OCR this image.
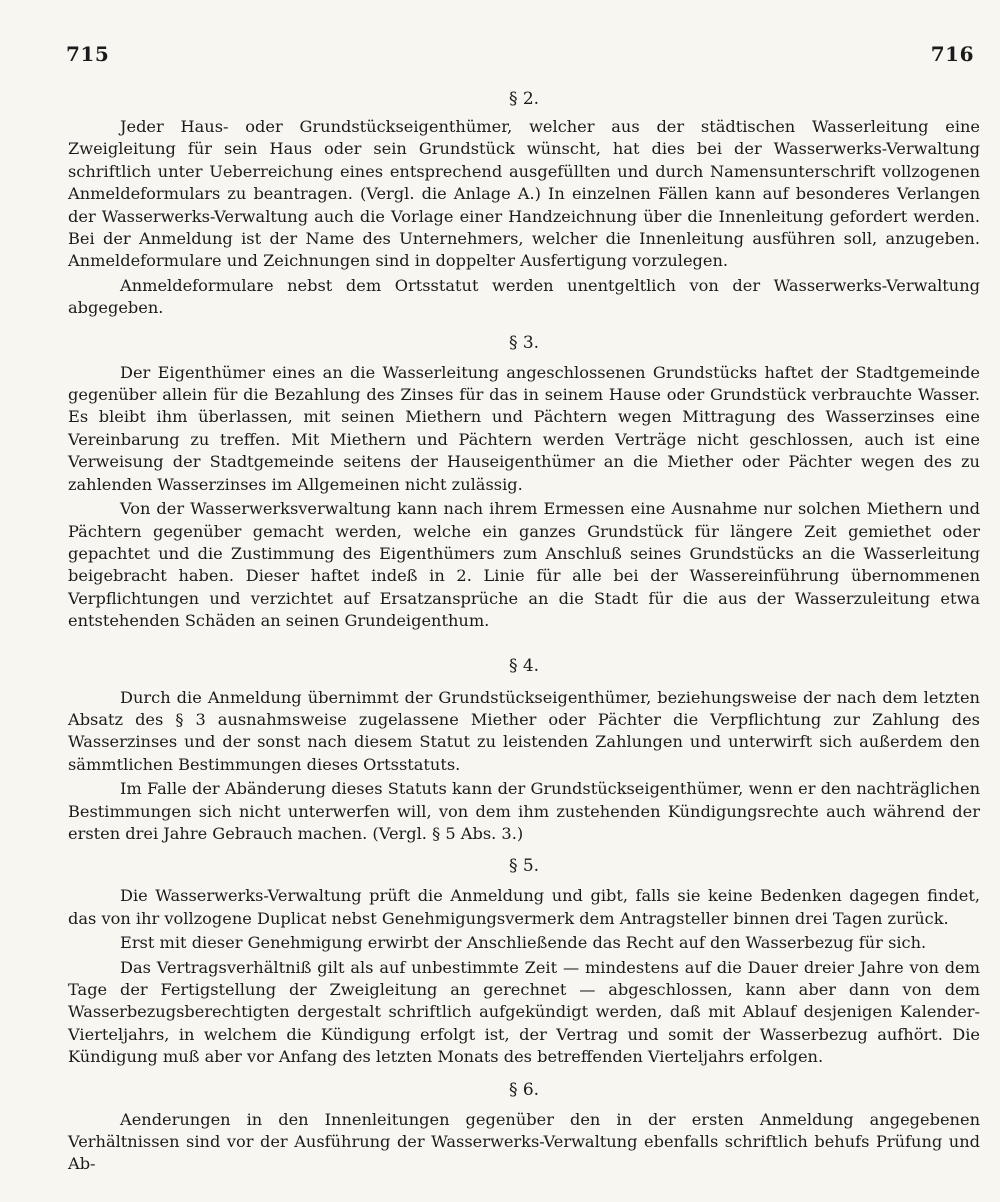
715	716

§ 2.

Jeder Haus- oder Grundstückseigenthümer, welcher aus der städtischen Wasserleitung eine Zweigleitung für sein Haus oder sein Grundstück wünscht, hat dies bei der Wasserwerks-Verwaltung schriftlich unter Ueberreichung eines entsprechend ausgefüllten und durch Namensunterschrift vollzogenen Anmeldeformulars zu beantragen. (Vergl. die Anlage A.) In einzelnen Fällen kann auf besonderes Verlangen der Wasserwerks-Verwaltung auch die Vorlage einer Handzeichnung über die Innenleitung gefordert werden. Bei der Anmeldung ist der Name des Unternehmers, welcher die Innenleitung ausführen soll, anzugeben. Anmeldeformulare und Zeichnungen sind in doppelter Ausfertigung vorzulegen.

Anmeldeformulare nebst dem Ortsstatut werden unentgeltlich von der Wasserwerks-Verwaltung abgegeben.

§ 3.

Der Eigenthümer eines an die Wasserleitung angeschlossenen Grundstücks haftet der Stadtgemeinde gegenüber allein für die Bezahlung des Zinses für das in seinem Hause oder Grundstück verbrauchte Wasser. Es bleibt ihm überlassen, mit seinen Miethern und Pächtern wegen Mittragung des Wasserzinses eine Vereinbarung zu treffen. Mit Miethern und Pächtern werden Verträge nicht geschlossen, auch ist eine Verweisung der Stadtgemeinde seitens der Hauseigenthümer an die Miether oder Pächter wegen des zu zahlenden Wasserzinses im Allgemeinen nicht zulässig.

Von der Wasserwerksverwaltung kann nach ihrem Ermessen eine Ausnahme nur solchen Miethern und Pächtern gegenüber gemacht werden, welche ein ganzes Grundstück für längere Zeit gemiethet oder gepachtet und die Zustimmung des Eigenthümers zum Anschluß seines Grundstücks an die Wasserleitung beigebracht haben. Dieser haftet indeß in 2. Linie für alle bei der Wassereinführung übernommenen Verpflichtungen und verzichtet auf Ersatzansprüche an die Stadt für die aus der Wasserzuleitung etwa entstehenden Schäden an seinen Grundeigenthum.

§ 4.

Durch die Anmeldung übernimmt der Grundstückseigenthümer, beziehungsweise der nach dem letzten Absatz des § 3 ausnahmsweise zugelassene Miether oder Pächter die Verpflichtung zur Zahlung des Wasserzinses und der sonst nach diesem Statut zu leistenden Zahlungen und unterwirft sich außerdem den sämmtlichen Bestimmungen dieses Ortsstatuts.

Im Falle der Abänderung dieses Statuts kann der Grundstückseigenthümer, wenn er den nachträglichen Bestimmungen sich nicht unterwerfen will, von dem ihm zustehenden Kündigungsrechte auch während der ersten drei Jahre Gebrauch machen. (Vergl. § 5 Abs. 3.)

§ 5.

Die Wasserwerks-Verwaltung prüft die Anmeldung und gibt, falls sie keine Bedenken dagegen findet, das von ihr vollzogene Duplicat nebst Genehmigungsvermerk dem Antragsteller binnen drei Tagen zurück.

Erst mit dieser Genehmigung erwirbt der Anschließende das Recht auf den Wasserbezug für sich.

Das Vertragsverhältniß gilt als auf unbestimmte Zeit — mindestens auf die Dauer dreier Jahre von dem Tage der Fertigstellung der Zweigleitung an gerechnet — abgeschlossen, kann aber dann von dem Wasserbezugsberechtigten dergestalt schriftlich aufgekündigt werden, daß mit Ablauf desjenigen Kalender-Vierteljahrs, in welchem die Kündigung erfolgt ist, der Vertrag und somit der Wasserbezug aufhört. Die Kündigung muß aber vor Anfang des letzten Monats des betreffenden Vierteljahrs erfolgen.

§ 6.

Aenderungen in den Innenleitungen gegenüber den in der ersten Anmeldung angegebenen Verhältnissen sind vor der Ausführung der Wasserwerks-Verwaltung ebenfalls schriftlich behufs Prüfung und Ab-
